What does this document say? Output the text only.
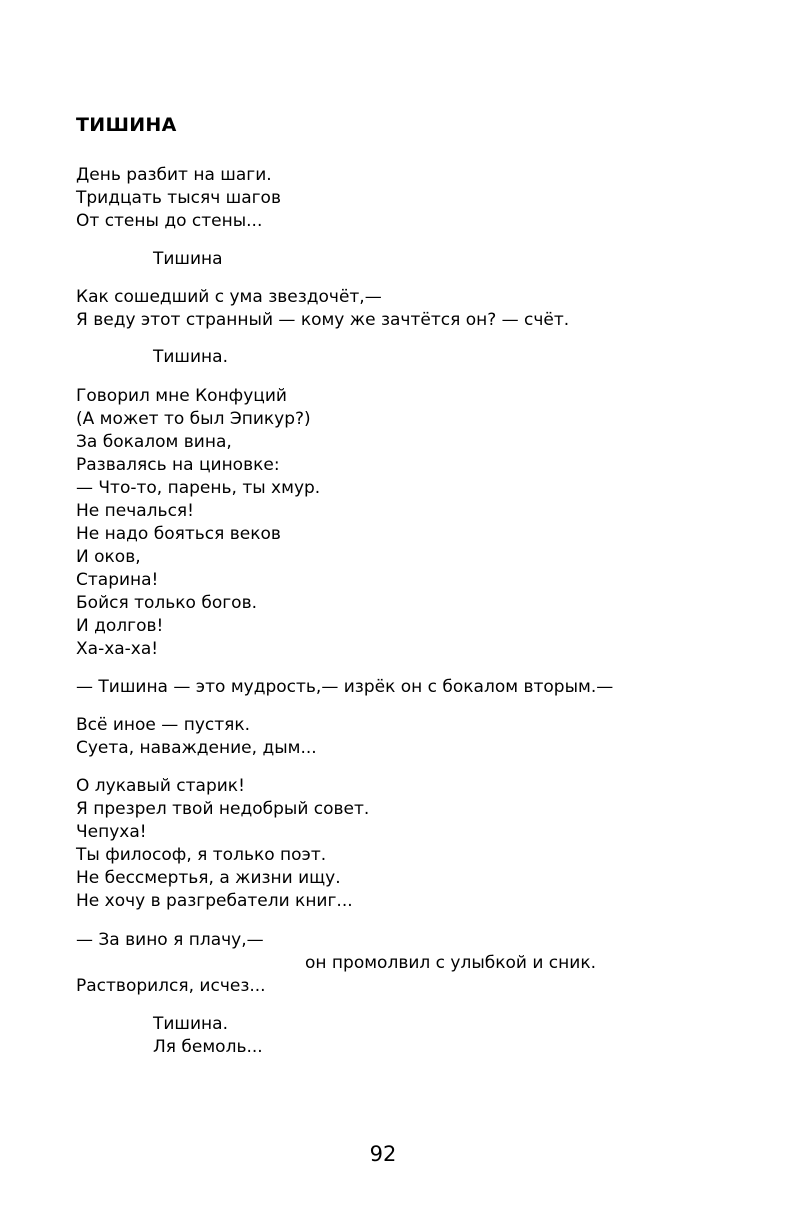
ТИШИНА
День разбит на шаги.
Тридцать тысяч шагов
От стены до стены...
Тишина
Как сошедший с ума звездочёт,—
Я веду этот странный — кому же зачтётся он? — счёт.
Тишина.
Говорил мне Конфуций
(А может то был Эпикур?)
За бокалом вина,
Развалясь на циновке:
— Что-то, парень, ты хмур.
Не печалься!
Не надо бояться веков
И оков,
Старина!
Бойся только богов.
И долгов!
Ха-ха-ха!
— Тишина — это мудрость,— изрёк он с бокалом вторым.—
Всё иное — пустяк.
Суета, наваждение, дым...
О лукавый старик!
Я презрел твой недобрый совет.
Чепуха!
Ты философ, я только поэт.
Не бессмертья, а жизни ищу.
Не хочу в разгребатели книг...
— За вино я плачу,—
он промолвил с улыбкой и сник.
Растворился, исчез...
Тишина.
Ля бемоль...
92
